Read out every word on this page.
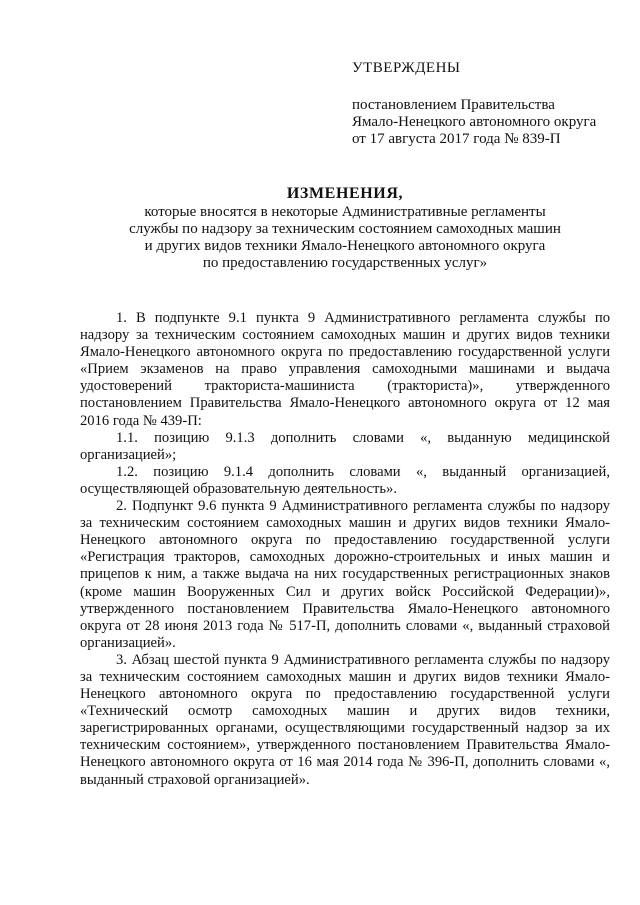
УТВЕРЖДЕНЫ
постановлением Правительства
Ямало-Ненецкого автономного округа
от 17 августа 2017 года № 839-П
ИЗМЕНЕНИЯ,
которые вносятся в некоторые Административные регламенты
службы по надзору за техническим состоянием самоходных машин
и других видов техники Ямало-Ненецкого автономного округа
по предоставлению государственных услуг»

1. В подпункте 9.1 пункта 9 Административного регламента службы по надзору за техническим состоянием самоходных машин и других видов техники Ямало-Ненецкого автономного округа по предоставлению государственной услуги «Прием экзаменов на право управления самоходными машинами и выдача удостоверений тракториста-машиниста (тракториста)», утвержденного постановлением Правительства Ямало-Ненецкого автономного округа от 12 мая 2016 года № 439-П:

1.1. позицию 9.1.3 дополнить словами «, выданную медицинской организацией»;

1.2. позицию 9.1.4 дополнить словами «, выданный организацией, осуществляющей образовательную деятельность».

2. Подпункт 9.6 пункта 9 Административного регламента службы по надзору за техническим состоянием самоходных машин и других видов техники Ямало-Ненецкого автономного округа по предоставлению государственной услуги «Регистрация тракторов, самоходных дорожно-строительных и иных машин и прицепов к ним, а также выдача на них государственных регистрационных знаков (кроме машин Вооруженных Сил и других войск Российской Федерации)», утвержденного постановлением Правительства Ямало-Ненецкого автономного округа от 28 июня 2013 года № 517-П, дополнить словами «, выданный страховой организацией».

3. Абзац шестой пункта 9 Административного регламента службы по надзору за техническим состоянием самоходных машин и других видов техники Ямало-Ненецкого автономного округа по предоставлению государственной услуги «Технический осмотр самоходных машин и других видов техники, зарегистрированных органами, осуществляющими государственный надзор за их техническим состоянием», утвержденного постановлением Правительства Ямало-Ненецкого автономного округа от 16 мая 2014 года № 396-П, дополнить словами «, выданный страховой организацией».
